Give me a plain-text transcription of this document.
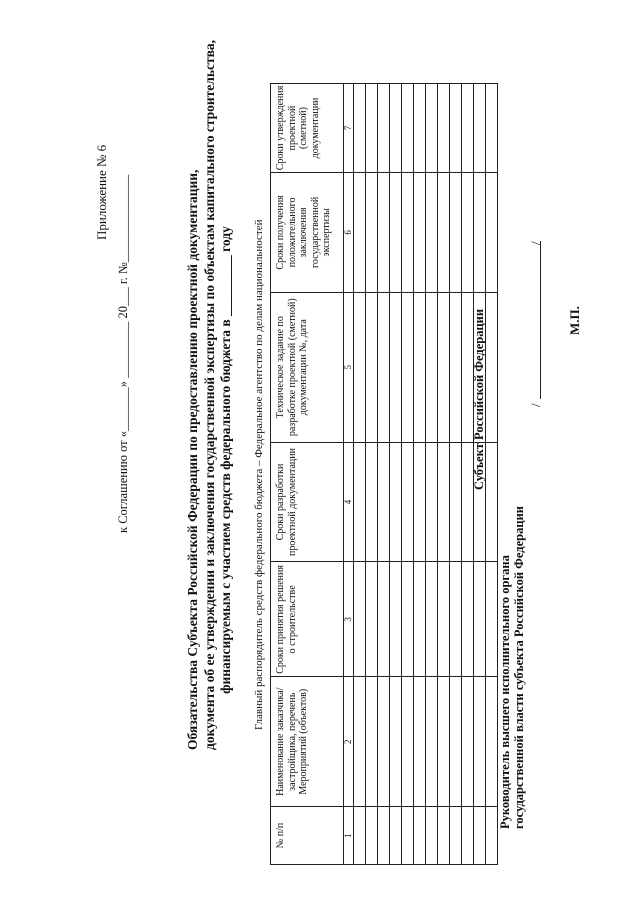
Приложение № 6 к Соглашению от «_______» _________ 20___ г. №______________	Обязательства Субъекта Российской Федерации по предоставлению проектной документации, документа об ее утверждении и заключения государственной экспертизы по объектам капитального строительства, финансируемым с участием средств федерального бюджета в _________ году Главный распорядитель средств федерального бюджета – Федеральное агентство по делам национальностей
№ п/п	Наименование заказчика/застройщика, перечень Мероприятий (объектов)	Сроки принятия решения о строительстве	Сроки разработки проектной документации	Техническое задание по разработке проектной (сметной) документации №, дата	Сроки получения положительного заключения государственной экспертизы	Сроки утверждения проектной (сметной) документации
1	2	3	4	5	6	7

Субъект Российской Федерации
Руководитель высшего исполнительного органа государственной власти субъекта Российской Федерации
/
/
М.П.
